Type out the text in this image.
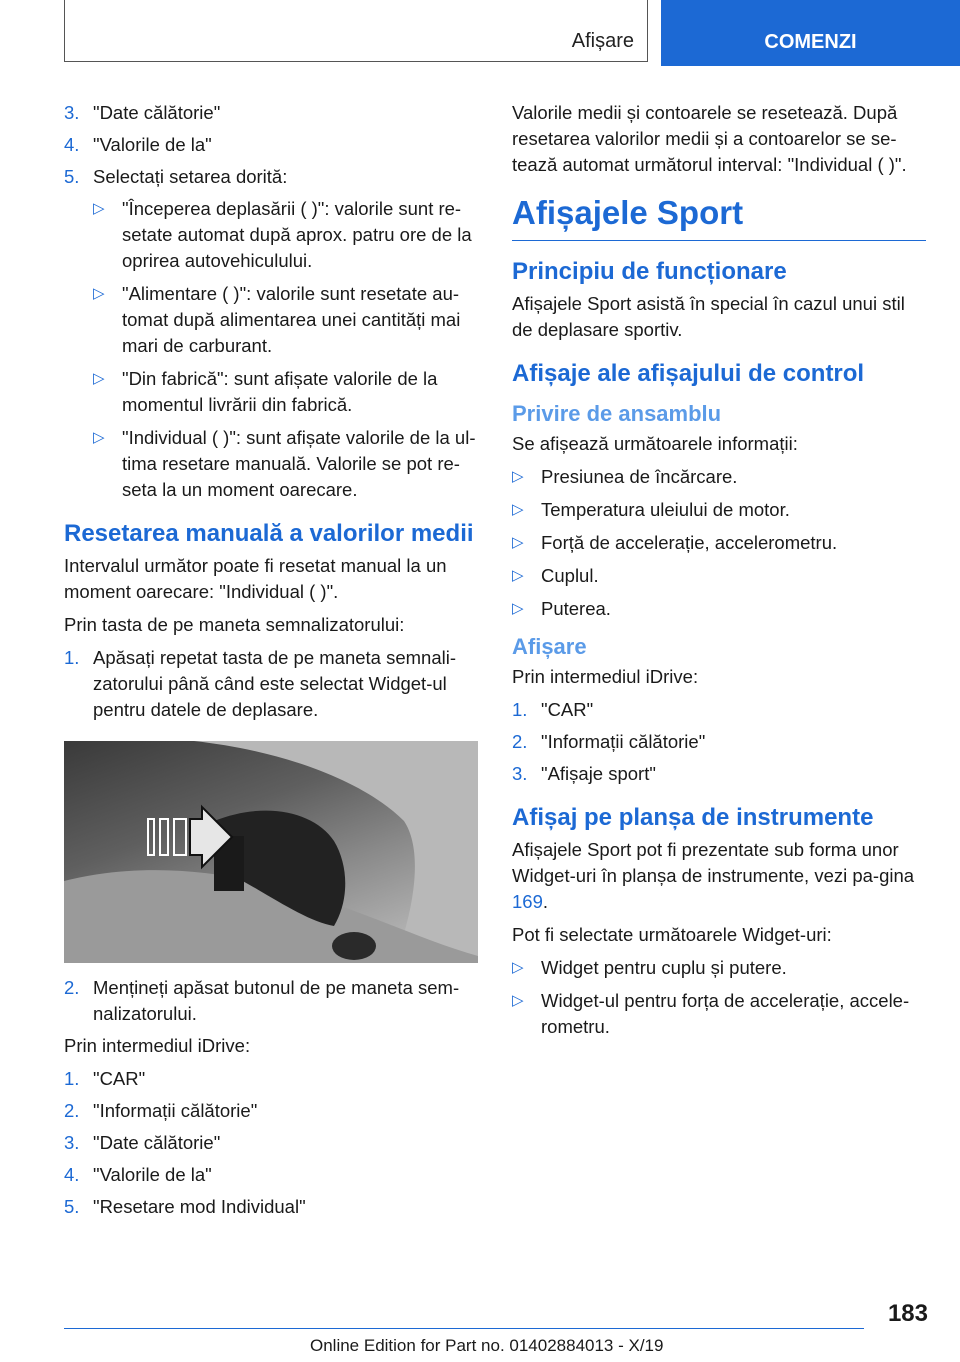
Afișare	COMENZI
3. "Date călătorie"
4. "Valorile de la"
5. Selectați setarea dorită:
▷ "Începerea deplasării ( )": valorile sunt re-setate automat după aprox. patru ore de la oprirea autovehiculului.
▷ "Alimentare ( )": valorile sunt resetate au-tomat după alimentarea unei cantități mai mari de carburant.
▷ "Din fabrică": sunt afișate valorile de la momentul livrării din fabrică.
▷ "Individual ( )": sunt afișate valorile de la ul-tima resetare manuală. Valorile se pot re-seta la un moment oarecare.
Resetarea manuală a valorilor medii

Intervalul următor poate fi resetat manual la un moment oarecare: "Individual ( )".

Prin tasta de pe maneta semnalizatorului:

1. Apăsați repetat tasta de pe maneta semnali-zatorului până când este selectat Widget-ul pentru datele de deplasare.
2. Mențineți apăsat butonul de pe maneta sem-nalizatorului.

Prin intermediul iDrive:

1. "CAR"
2. "Informații călătorie"
3. "Date călătorie"
4. "Valorile de la"
5. "Resetare mod Individual"

Valorile medii și contoarele se resetează. După resetarea valorilor medii și a contoarelor se se-tează automat următorul interval: "Individual ( )".

Afișajele Sport
Principiu de funcționare

Afișajele Sport asistă în special în cazul unui stil de deplasare sportiv.

Afișaje ale afișajului de control
Privire de ansamblu

Se afișează următoarele informații:

▷ Presiunea de încărcare.
▷ Temperatura uleiului de motor.
▷ Forță de accelerație, accelerometru.
▷ Cuplul.
▷ Puterea.
Afișare

Prin intermediul iDrive:

1. "CAR"
2. "Informații călătorie"
3. "Afișaje sport"
Afișaj pe planșa de instrumente

Afișajele Sport pot fi prezentate sub forma unor Widget-uri în planșa de instrumente, vezi pa-gina 169.

Pot fi selectate următoarele Widget-uri:

▷ Widget pentru cuplu și putere.
▷ Widget-ul pentru forța de accelerație, accele-rometru.
183
Online Edition for Part no. 01402884013 - X/19
